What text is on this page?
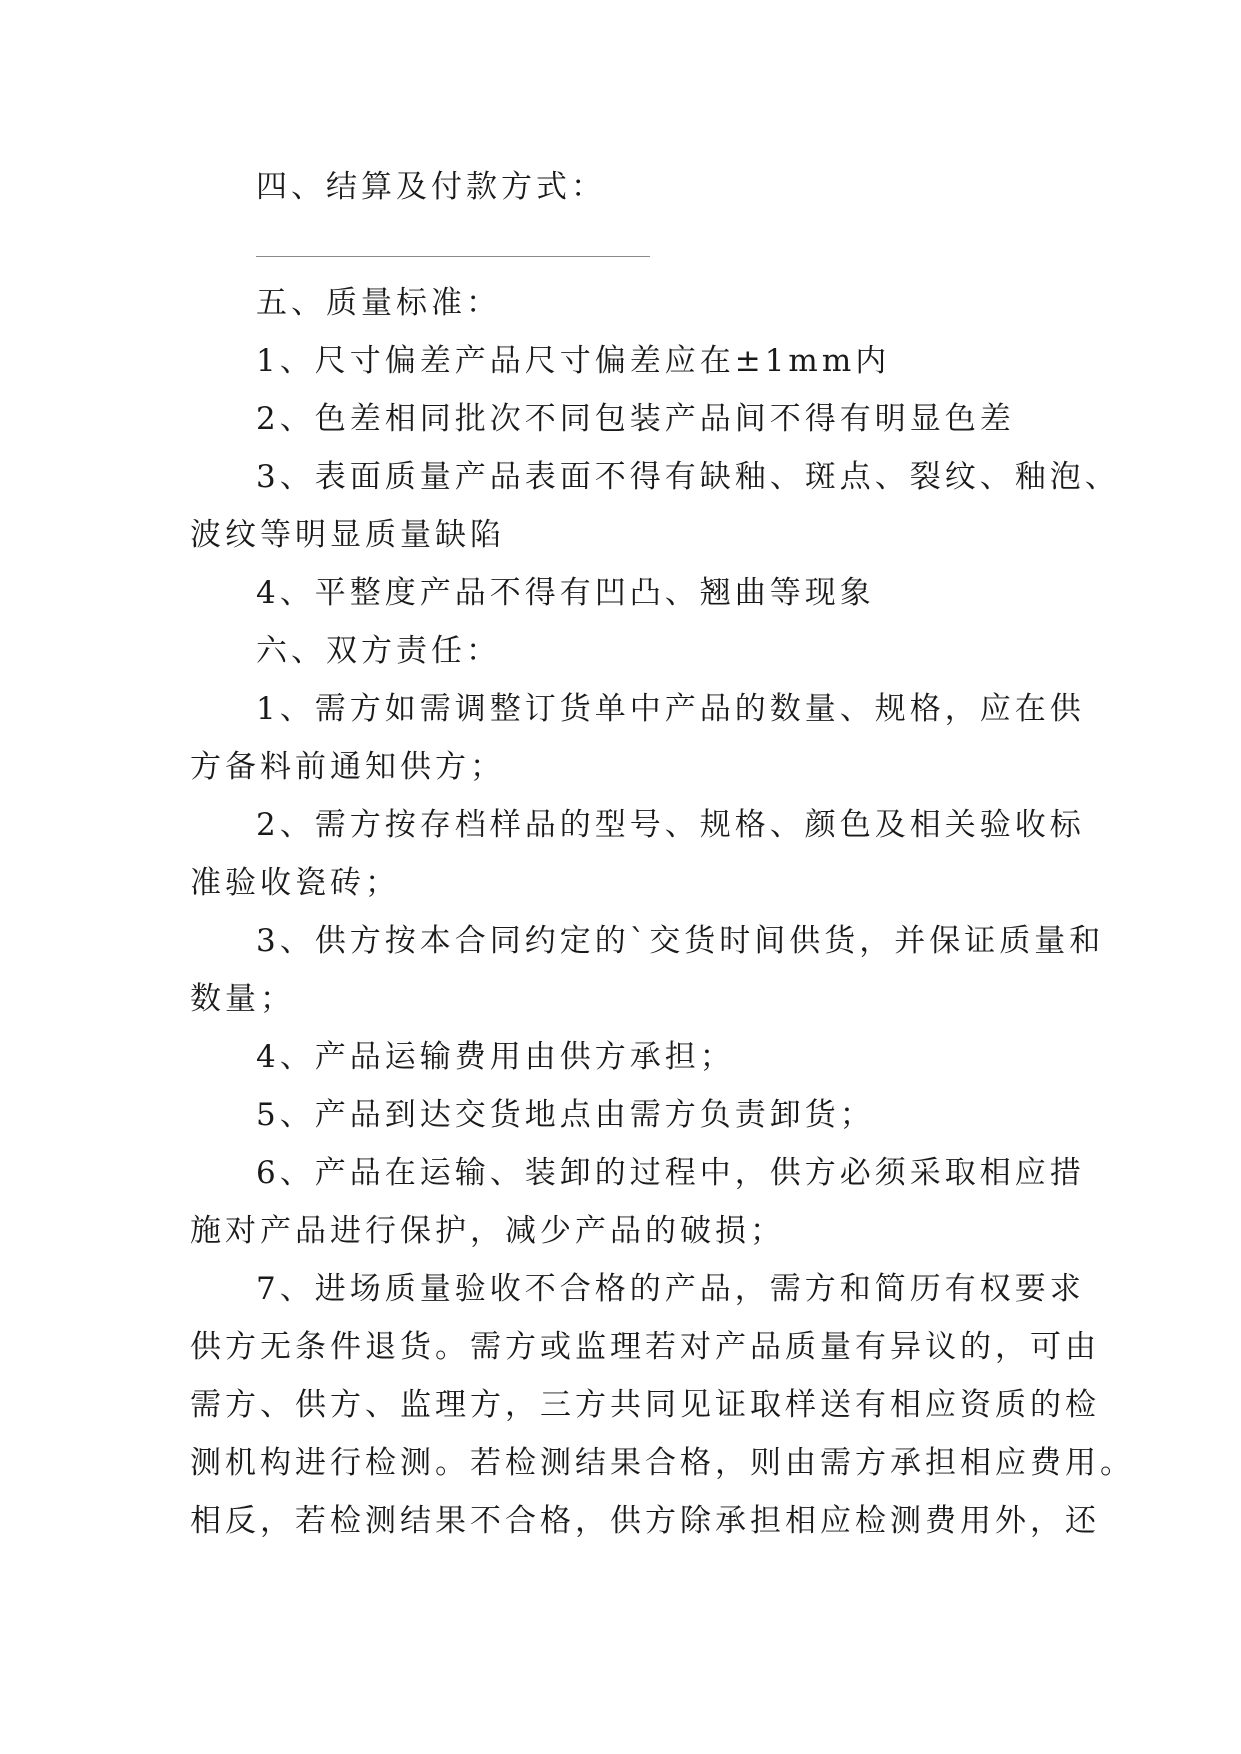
四、结算及付款方式：
五、质量标准：
1、尺寸偏差产品尺寸偏差应在±1mm内
2、色差相同批次不同包装产品间不得有明显色差
3、表面质量产品表面不得有缺釉、斑点、裂纹、釉泡、
波纹等明显质量缺陷
4、平整度产品不得有凹凸、翘曲等现象
六、双方责任：
1、需方如需调整订货单中产品的数量、规格，应在供
方备料前通知供方；
2、需方按存档样品的型号、规格、颜色及相关验收标
准验收瓷砖；
3、供方按本合同约定的`交货时间供货，并保证质量和
数量；
4、产品运输费用由供方承担；
5、产品到达交货地点由需方负责卸货；
6、产品在运输、装卸的过程中，供方必须采取相应措
施对产品进行保护，减少产品的破损；
7、进场质量验收不合格的产品，需方和简历有权要求
供方无条件退货。需方或监理若对产品质量有异议的，可由
需方、供方、监理方，三方共同见证取样送有相应资质的检
测机构进行检测。若检测结果合格，则由需方承担相应费用。
相反，若检测结果不合格，供方除承担相应检测费用外，还
